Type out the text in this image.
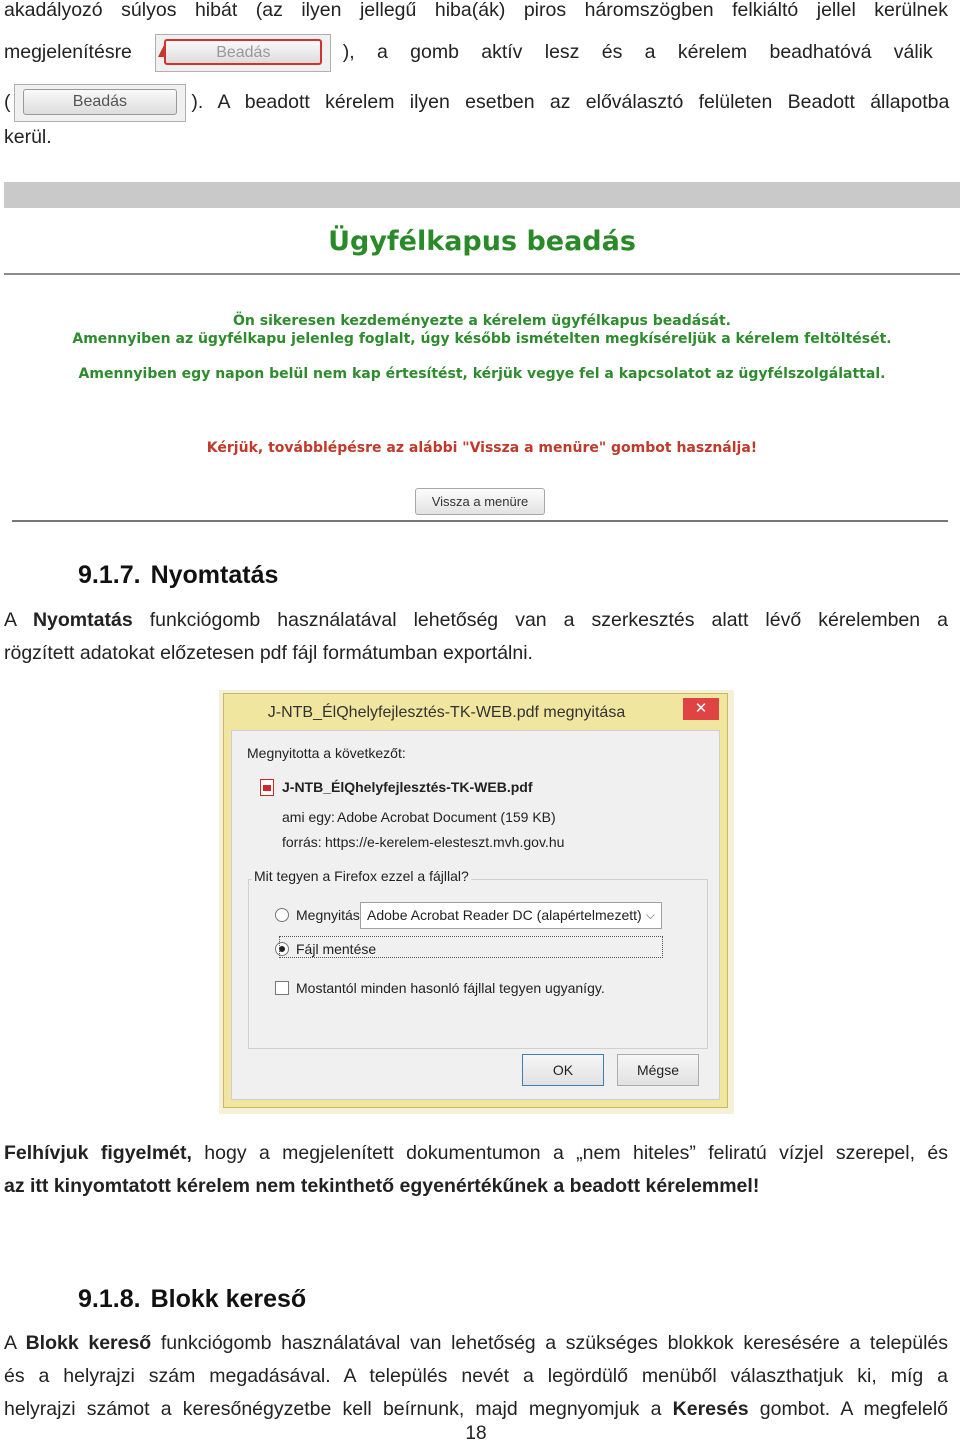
akadályozó súlyos hibát (az ilyen jellegű hiba(ák) piros háromszögben felkiáltó jellel kerülnek
megjelenítésre	Beadás	), a gomb aktív lesz és a kérelem beadhatóvá válik
(	Beadás	). A beadott kérelem ilyen esetben az előválasztó felületen Beadott állapotba
kerül.
Ügyfélkapus beadás
Ön sikeresen kezdeményezte a kérelem ügyfélkapus beadását.
Amennyiben az ügyfélkapu jelenleg foglalt, úgy később ismételten megkíséreljük a kérelem feltöltését.
Amennyiben egy napon belül nem kap értesítést, kérjük vegye fel a kapcsolatot az ügyfélszolgálattal.
Kérjük, továbblépésre az alábbi "Vissza a menüre" gombot használja!
Vissza a menüre
9.1.7. Nyomtatás
A Nyomtatás funkciógomb használatával lehetőség van a szerkesztés alatt lévő kérelemben a
rögzített adatokat előzetesen pdf fájl formátumban exportálni.
J-NTB_ÉlQhelyfejlesztés-TK-WEB.pdf megnyitása	✕
Megnyitotta a következőt:
J-NTB_ÉlQhelyfejlesztés-TK-WEB.pdf
ami egy: Adobe Acrobat Document (159 KB)
forrás: https://e-kerelem-elesteszt.mvh.gov.hu
Mit tegyen a Firefox ezzel a fájllal?
Megnyitás Adobe Acrobat Reader DC (alapértelmezett) ⌵
Fájl mentése
Mostantól minden hasonló fájllal tegyen ugyanígy.
OK	Mégse
Felhívjuk figyelmét, hogy a megjelenített dokumentumon a „nem hiteles” feliratú vízjel szerepel, és
az itt kinyomtatott kérelem nem tekinthető egyenértékűnek a beadott kérelemmel!
9.1.8. Blokk kereső
A Blokk kereső funkciógomb használatával van lehetőség a szükséges blokkok keresésére a település
és a helyrajzi szám megadásával. A település nevét a legördülő menüből választhatjuk ki, míg a
helyrajzi számot a keresőnégyzetbe kell beírnunk, majd megnyomjuk a Keresés gombot. A megfelelő
18
